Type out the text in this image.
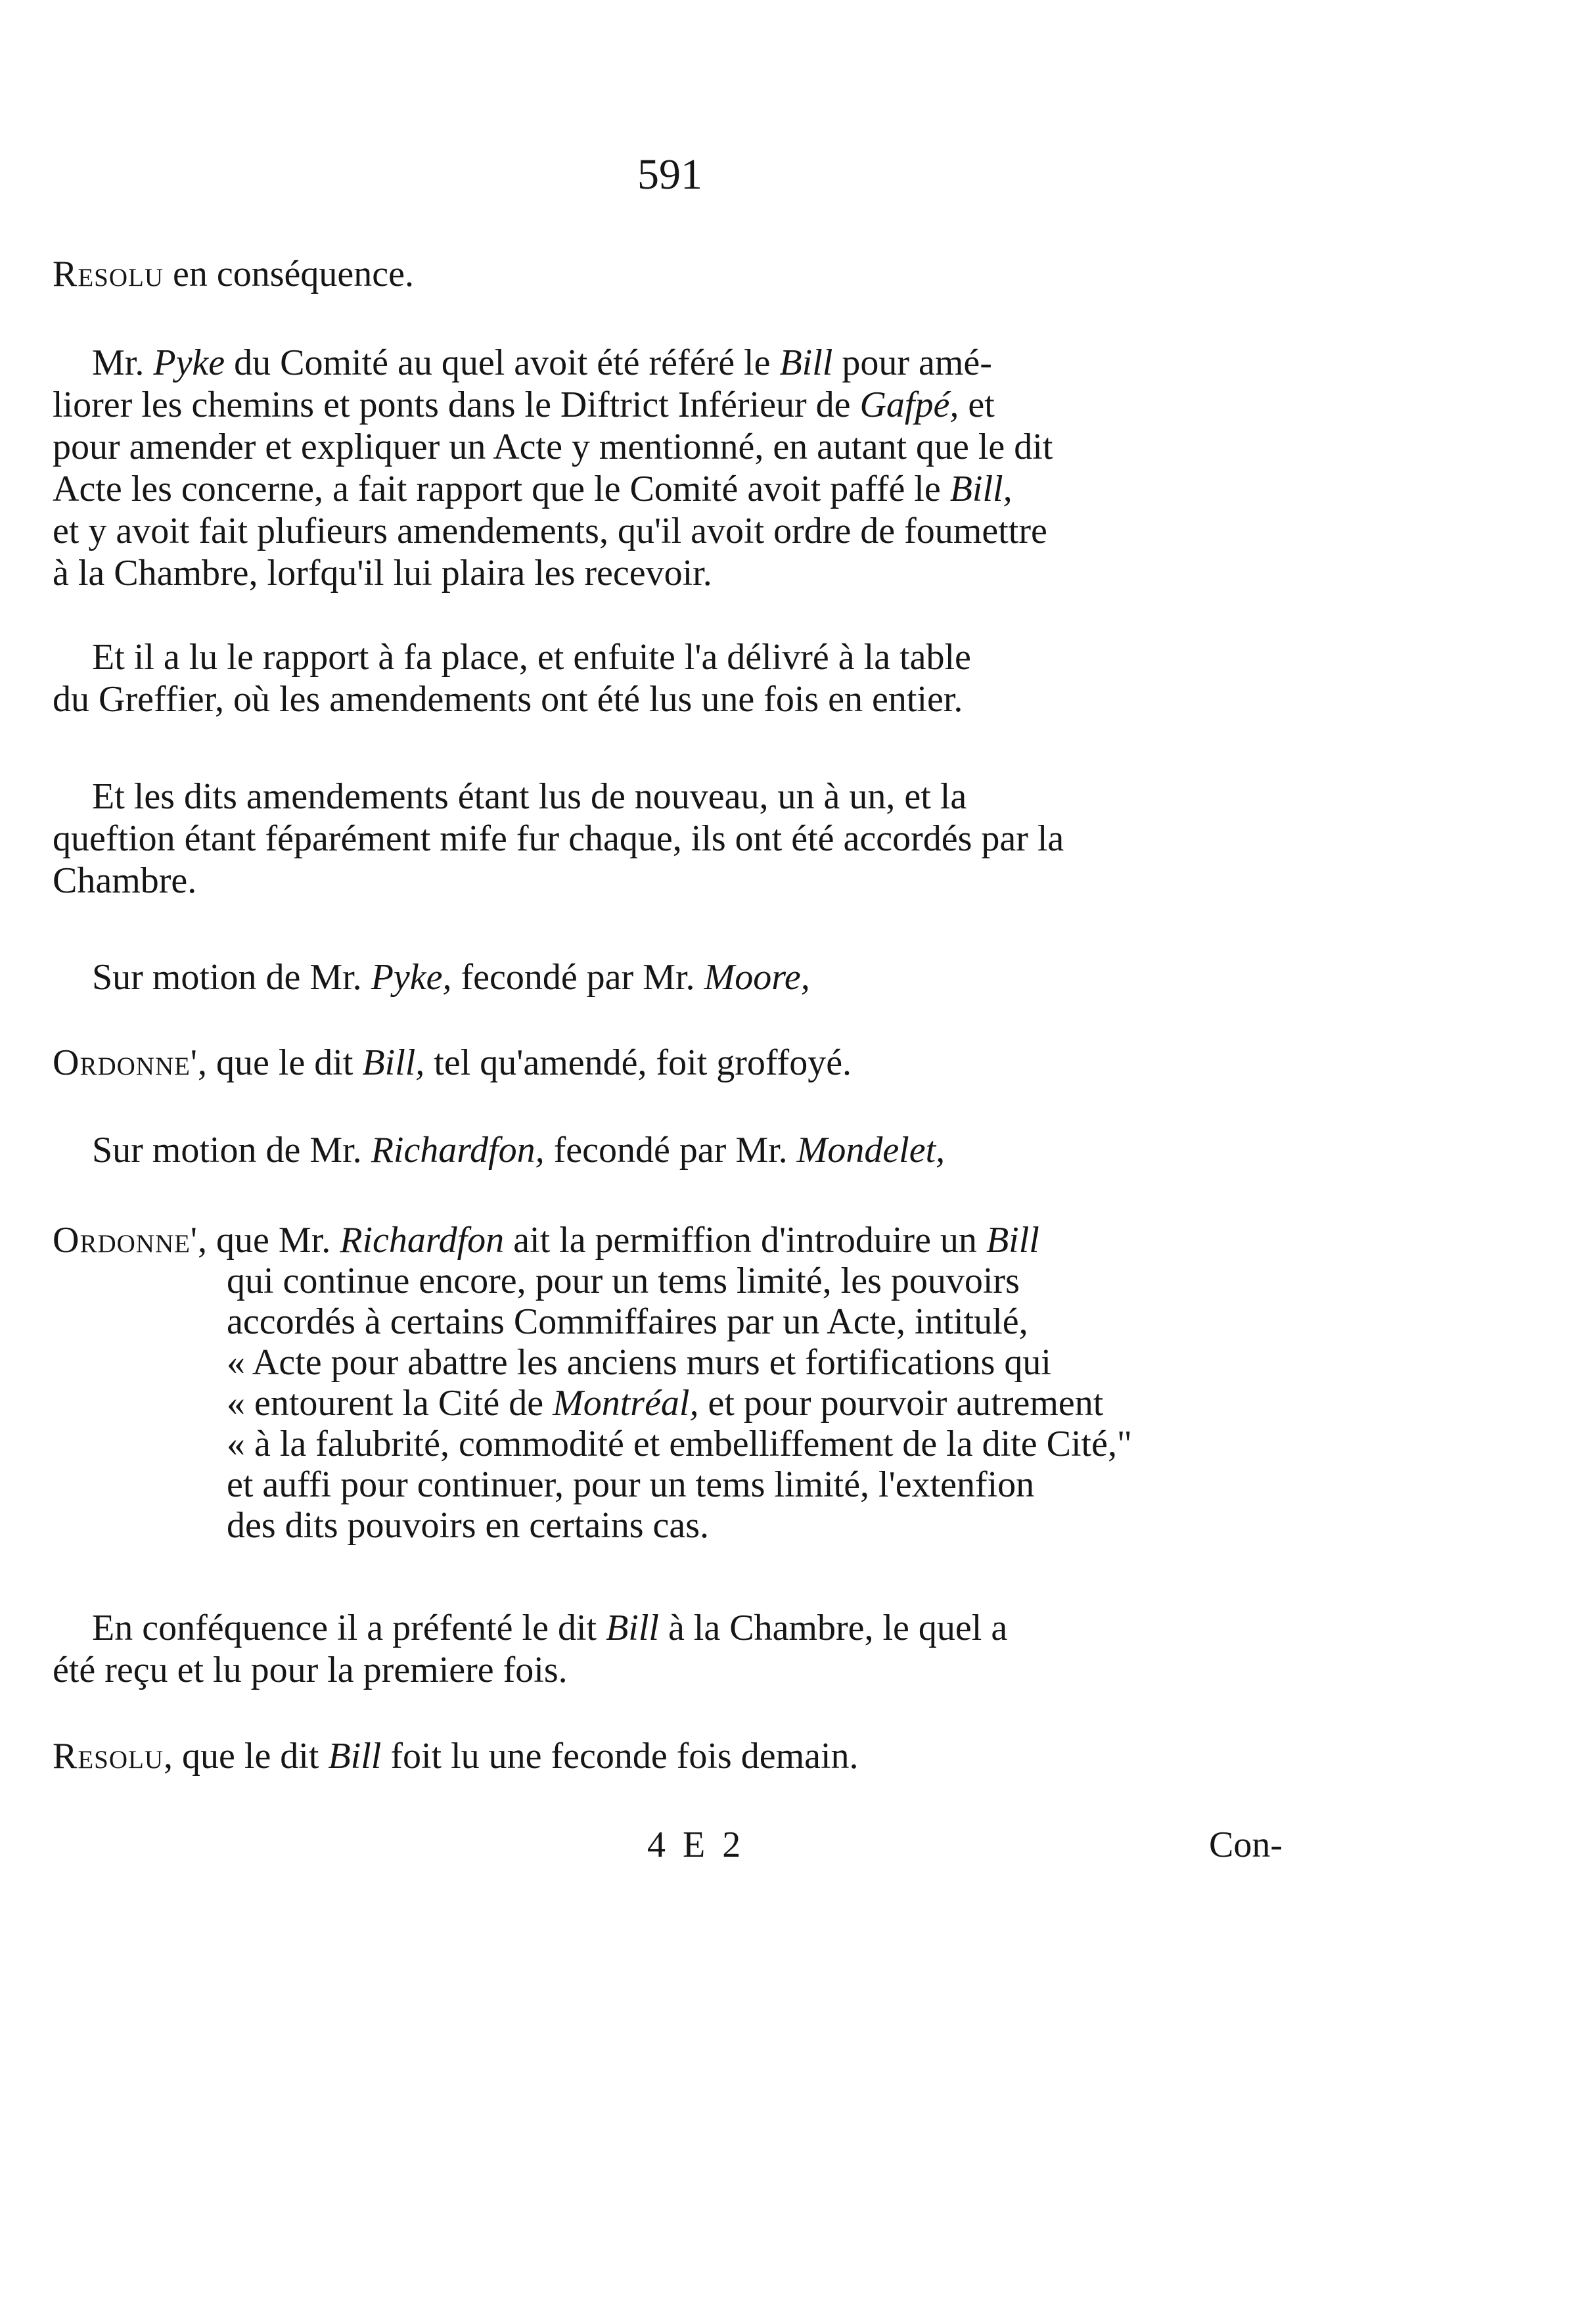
591
Resolu en conséquence.
Mr. Pyke du Comité au quel avoit été référé le Bill pour amé-
liorer les chemins et ponts dans le Diftrict Inférieur de Gafpé, et
pour amender et expliquer un Acte y mentionné, en autant que le dit
Acte les concerne, a fait rapport que le Comité avoit paffé le Bill,
et y avoit fait plufieurs amendements, qu'il avoit ordre de foumettre
à la Chambre, lorfqu'il lui plaira les recevoir.
Et il a lu le rapport à fa place, et enfuite l'a délivré à la table
du Greffier, où les amendements ont été lus une fois en entier.
Et les dits amendements étant lus de nouveau, un à un, et la
queftion étant féparément mife fur chaque, ils ont été accordés par la
Chambre.
Sur motion de Mr. Pyke, fecondé par Mr. Moore,
Ordonne', que le dit Bill, tel qu'amendé, foit groffoyé.
Sur motion de Mr. Richardfon, fecondé par Mr. Mondelet,
Ordonne', que Mr. Richardfon ait la permiffion d'introduire un Bill
qui continue encore, pour un tems limité, les pouvoirs
accordés à certains Commiffaires par un Acte, intitulé,
« Acte pour abattre les anciens murs et fortifications qui
« entourent la Cité de Montréal, et pour pourvoir autrement
« à la falubrité, commodité et embelliffement de la dite Cité,"
et auffi pour continuer, pour un tems limité, l'extenfion
des dits pouvoirs en certains cas.
En conféquence il a préfenté le dit Bill à la Chambre, le quel a
été reçu et lu pour la premiere fois.
Resolu, que le dit Bill foit lu une feconde fois demain.
4 E 2	Con-
